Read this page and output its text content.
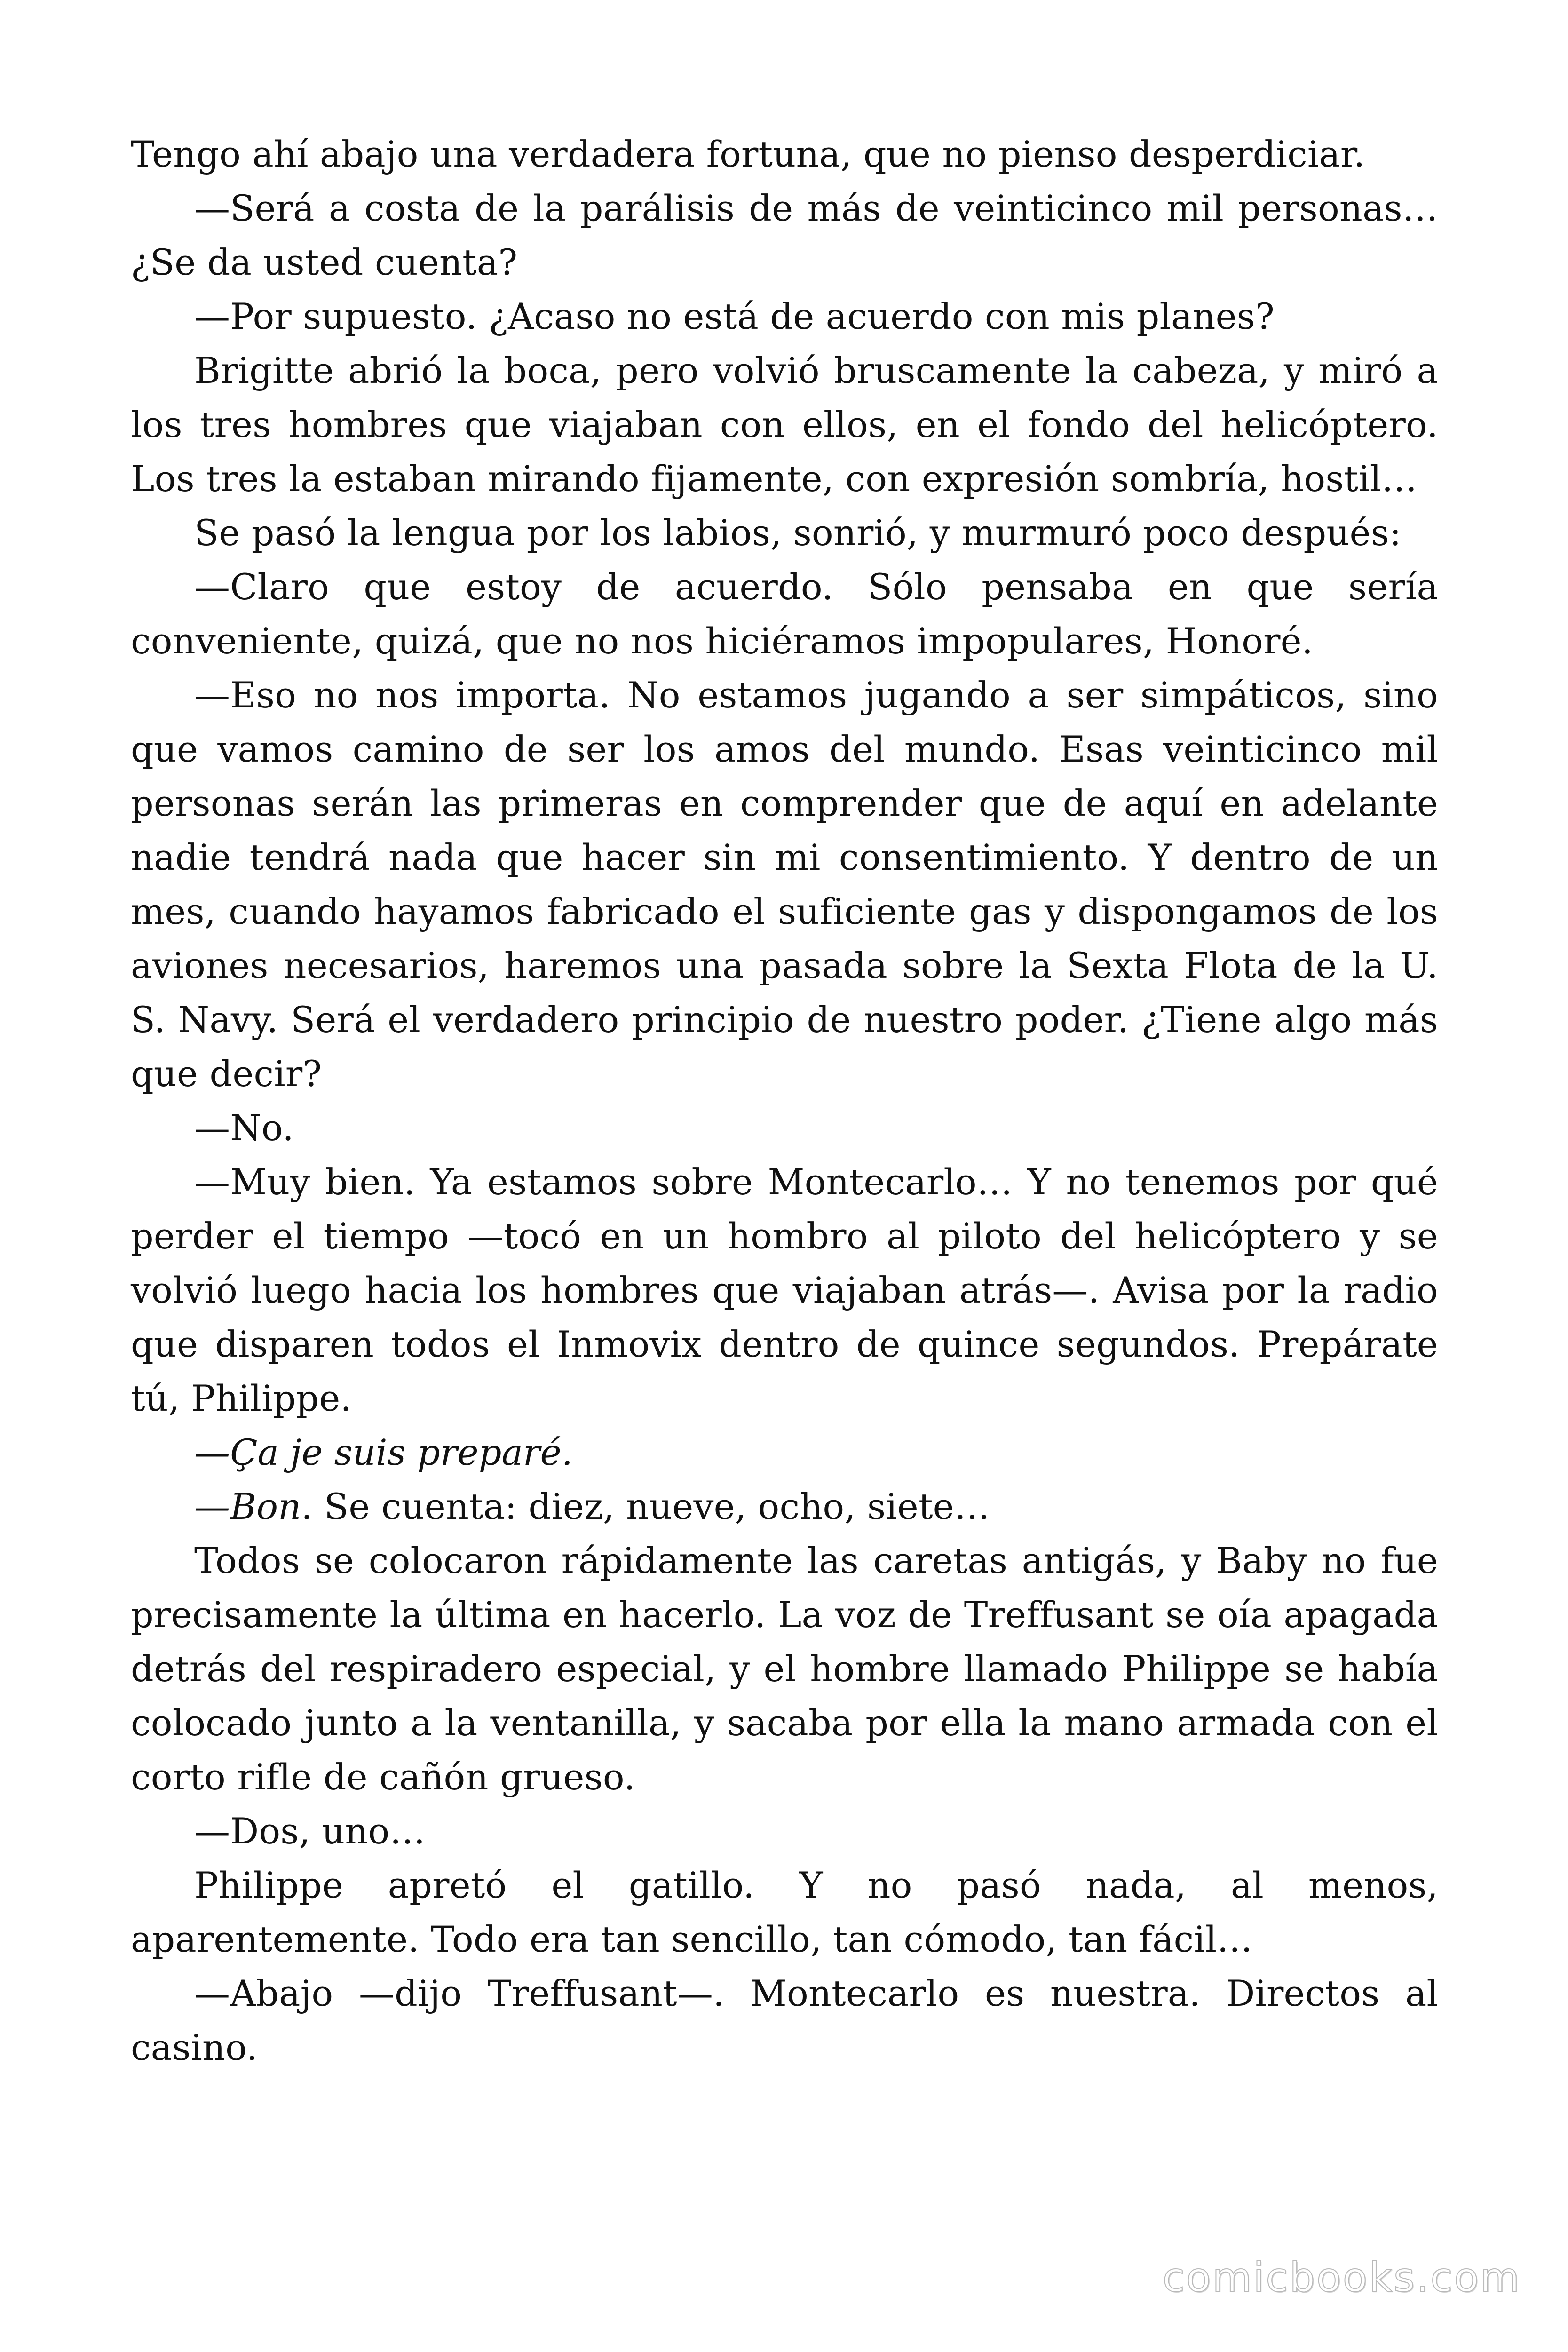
Tengo ahí abajo una verdadera fortuna, que no pienso desperdiciar.

—Será a costa de la parálisis de más de veinticinco mil personas… ¿Se da usted cuenta?

—Por supuesto. ¿Acaso no está de acuerdo con mis planes?

Brigitte abrió la boca, pero volvió bruscamente la cabeza, y miró a los tres hombres que viajaban con ellos, en el fondo del helicóptero. Los tres la estaban mirando fijamente, con expresión sombría, hostil…

Se pasó la lengua por los labios, sonrió, y murmuró poco después:

—Claro que estoy de acuerdo. Sólo pensaba en que sería conveniente, quizá, que no nos hiciéramos impopulares, Honoré.

—Eso no nos importa. No estamos jugando a ser simpáticos, sino que vamos camino de ser los amos del mundo. Esas veinticinco mil personas serán las primeras en comprender que de aquí en adelante nadie tendrá nada que hacer sin mi consentimiento. Y dentro de un mes, cuando hayamos fabricado el suficiente gas y dispongamos de los aviones necesarios, haremos una pasada sobre la Sexta Flota de la U. S. Navy. Será el verdadero principio de nuestro poder. ¿Tiene algo más que decir?

—No.

—Muy bien. Ya estamos sobre Montecarlo… Y no tenemos por qué perder el tiempo —tocó en un hombro al piloto del helicóptero y se volvió luego hacia los hombres que viajaban atrás—. Avisa por la radio que disparen todos el Inmovix dentro de quince segundos. Prepárate tú, Philippe.

—Ça je suis preparé.

—Bon. Se cuenta: diez, nueve, ocho, siete…

Todos se colocaron rápidamente las caretas antigás, y Baby no fue precisamente la última en hacerlo. La voz de Treffusant se oía apagada detrás del respiradero especial, y el hombre llamado Philippe se había colocado junto a la ventanilla, y sacaba por ella la mano armada con el corto rifle de cañón grueso.

—Dos, uno…

Philippe apretó el gatillo. Y no pasó nada, al menos, aparentemente. Todo era tan sencillo, tan cómodo, tan fácil…

—Abajo —dijo Treffusant—. Montecarlo es nuestra. Directos al casino.

comicbooks.com
